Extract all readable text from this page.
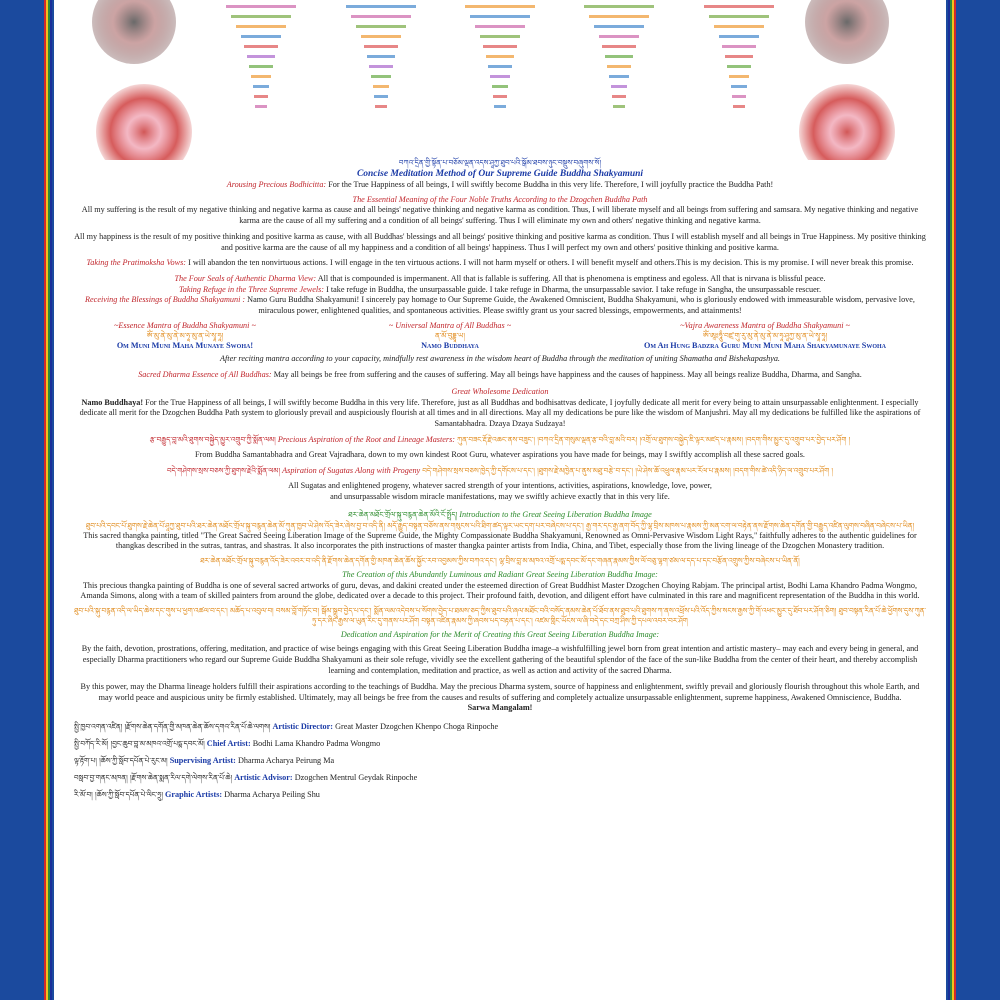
བཀའ་དྲིན་གྱི་སྟོན་པ་བཅོམ་ལྡན་འདས་ཤཱཀྱ་ཐུབ་པའི་སྒོམ་ཐབས་ཉུང་བསྡུས་བཞུགས་སོ།

Concise Meditation Method of Our Supreme Guide Buddha Shakyamuni

Arousing Precious Bodhicitta: For the True Happiness of all beings, I will swiftly become Buddha in this very life. Therefore, I will joyfully practice the Buddha Path!

The Essential Meaning of the Four Noble Truths According to the Dzogchen Buddha Path

All my suffering is the result of my negative thinking and negative karma as cause and all beings' negative thinking and negative karma as condition. Thus, I will liberate myself and all beings from suffering and samsara. My negative thinking and negative karma are the cause of all my suffering and a condition of all beings' suffering. Thus I will eliminate my own and others' negative thinking and negative karma.

All my happiness is the result of my positive thinking and positive karma as cause, with all Buddhas' blessings and all beings' positive thinking and positive karma as condition. Thus I will establish myself and all beings in True Happiness. My positive thinking and positive karma are the cause of all my happiness and a condition of all beings' happiness. Thus I will perfect my own and others' positive thinking and positive karma.

Taking the Pratimoksha Vows: I will abandon the ten nonvirtuous actions. I will engage in the ten virtuous actions. I will not harm myself or others. I will benefit myself and others.This is my decision. This is my promise. I will never break this promise.

The Four Seals of Authentic Dharma View: All that is compounded is impermanent. All that is fallable is suffering. All that is phenomena is emptiness and egoless. All that is nirvana is blissful peace.

Taking Refuge in the Three Supreme Jewels: I take refuge in Buddha, the unsurpassable guide. I take refuge in Dharma, the unsurpassable savior. I take refuge in Sangha, the unsurpassable rescuer.

Receiving the Blessings of Buddha Shakyamuni : Namo Guru Buddha Shakyamuni! I sincerely pay homage to Our Supreme Guide, the Awakened Omniscient, Buddha Shakyamuni, who is gloriously endowed with immeasurable wisdom, pervasive love, miraculous power, enlightened qualities, and spontaneous activities. Please swiftly grant us your sacred blessings, empowerments, and attainments!

~Essence Mantra of Buddha Shakyamuni ~
ཨོཾ་མུ་ནེ་མུ་ནེ་མ་ཧཱ་མུ་ན་ཡེ་སྭཱ་ཧཱ།
Om Muni Muni Maha Munaye Swoha!
~ Universal Mantra of All Buddhas ~
ན་མོ་བུདྡྷཱ་ཡ།
Namo Buddhaya
~Vajra Awareness Mantra of Buddha Shakyamuni ~
ཨོཾ་ཨཱཿཧཱུྃ་བཛྲ་གུ་རུ་མུ་ནེ་མུ་ནེ་མ་ཧཱ་ཤཱཀྱ་མུ་ན་ཡེ་སྭཱ་ཧཱ།
Om Ah Hung Badzra Guru Muni Muni Maha Shakyamunaye Swoha

After reciting mantra according to your capacity, mindfully rest awareness in the wisdom heart of Buddha through the meditation of uniting Shamatha and Bishekapashya.

Sacred Dharma Essence of All Buddhas: May all beings be free from suffering and the causes of suffering. May all beings have happiness and the causes of happiness. May all beings realize Buddha, Dharma, and Sangha.

Great Wholesome Dedication

Namo Buddhaya! For the True Happiness of all beings, I will swiftly become Buddha in this very life. Therefore, just as all Buddhas and bodhisattvas dedicate, I joyfully dedicate all merit for every being to attain unsurpassable enlightenment. I especially dedicate all merit for the Dzogchen Buddha Path system to gloriously prevail and auspiciously flourish at all times and in all directions. May all my dedications be pure like the wisdom of Manjushri. May all my dedications be fulfilled like the aspirations of Samantabhadra. Dzaya Dzaya Sudzaya!

རྩ་བརྒྱུད་བླ་མའི་ཐུགས་བསྐྱེད་མྱུར་འགྲུབ་ཀྱི་སྨོན་ལམ། Precious Aspiration of the Root and Lineage Masters: ཀུན་བཟང་རྡོ་རྗེ་འཆང་ནས་བཟུང་། །བཀའ་དྲིན་གསུམ་ལྡན་རྩ་བའི་བླ་མའི་བར། །འགྲོ་ལ་ཐུགས་བསྐྱེད་ཇི་ལྟར་མཛད་པ་རྣམས། །བདག་གིས་མྱུར་དུ་འགྲུབ་པར་བྱེད་པར་ཤོག །

From Buddha Samantabhadra and Great Vajradhara, down to my own kindest Root Guru, whatever aspirations you have made for beings, may I swiftly accomplish all these sacred goals.

བདེ་གཤེགས་སྲས་བཅས་ཀྱི་ཐུགས་རྗེའི་སྨོན་ལམ། Aspiration of Sugatas Along with Progeny བདེ་གཤེགས་སྲས་བཅས་ཁྱེད་ཀྱི་དགོངས་པ་དང་། །ཐུགས་རྗེ་མཁྱེན་པ་ནུས་མཐུ་བརྩེ་བ་དང་། །ཡེ་ཤེས་ཆོ་འཕྲུལ་རྣམ་པར་རོལ་པ་རྣམས། །བདག་གིས་ཚེ་འདི་ཉིད་ལ་འགྲུབ་པར་ཤོག །

All Sugatas and enlightened progeny, whatever sacred strength of your intentions, activities, aspirations, knowledge, love, power,

and unsurpassable wisdom miracle manifestations, may we swiftly achieve exactly that in this very life.

ཐར་ཆེན་མཐོང་གྲོལ་སྐུ་བརྙན་ཆེན་མོའི་ངོ་སྤྲོད། Introduction to the Great Seeing Liberation Buddha Image

ཐུབ་པའི་དབང་པོ་ཐུགས་རྗེ་ཆེན་པོ་ཤཱཀྱ་ཐུབ་པའི་ཐར་ཆེན་མཐོང་གྲོལ་སྐུ་བརྙན་ཆེན་མོ་ཀུན་ཁྱབ་ཡེ་ཤེས་འོད་ཟེར་ཞེས་བྱ་བ་འདི་ནི། མདོ་རྒྱུད་བསྟན་བཅོས་ནས་གསུངས་པའི་ཐིག་ཚད་ལྟར་ཡང་དག་པར་བཞེངས་པ་དང་། རྒྱ་གར་དང་རྒྱ་ནག་བོད་ཀྱི་ལྷ་བྲིས་མཁས་པ་རྣམས་ཀྱི་མན་ངག་ལ་བརྟེན་ནས་རྫོགས་ཆེན་དགོན་གྱི་བརྒྱུད་འཛིན་ལུགས་བཞིན་བཞེངས་པ་ཡིན།

This sacred thangka painting, titled "The Great Sacred Seeing Liberation Image of the Supreme Guide, the Mighty Compassionate Buddha Shakyamuni, Renowned as Omni-Pervasive Wisdom Light Rays," faithfully adheres to the authentic guidelines for thangkas described in the sutras, tantras, and shastras. It also incorporates the pith instructions of master thangka painter artists from India, China, and Tibet, especially those from the living lineage of the Dzogchen Monastery tradition.

ཐར་ཆེན་མཐོང་གྲོལ་སྐུ་བརྙན་འོད་ཟེར་འབར་བ་འདི་ནི་རྫོགས་ཆེན་དགོན་གྱི་མཁན་ཆེན་ཆོས་སྐྱོང་རབ་འབྱམས་ཀྱིས་བཀའ་དང་། ལྷ་བྲིས་བླ་མ་མཁའ་འགྲོ་པདྨ་དབང་མོ་དང་གཞན་རྣམས་ཀྱིས་ལོ་བཅུ་ལྷག་ཙམ་ལ་དད་པ་དང་བརྩོན་འགྲུས་ཀྱིས་བཞེངས་པ་ཡིན་ནོ།

The Creation of this Abundantly Luminous and Radiant Great Seeing Liberation Buddha Image:

This precious thangka painting of Buddha is one of several sacred artworks of guru, devas, and dakini created under the esteemed direction of Great Buddhist Master Dzogchen Choying Rabjam. The principal artist, Bodhi Lama Khandro Padma Wongmo, Amanda Simons, along with a team of skilled painters from around the globe, dedicated over a decade to this project. Their profound faith, devotion, and diligent effort have culminated in this rare and magnificent representation of the Buddha in this world.

ཐུབ་པའི་སྐུ་བརྙན་འདི་ལ་ཡིད་ཆེས་དང་གུས་པ་ཕྱག་འཚལ་བ་དང་། མཆོད་པ་འབུལ་བ། བསམ་བློ་གཏོང་བ། སྒོམ་སྒྲུབ་བྱེད་པ་དང་། སྨོན་ལམ་འདེབས་པ་སོགས་བྱེད་པ་ཐམས་ཅད་ཀྱིས་ཐུབ་པའི་ཞལ་མཐོང་བའི་བསོད་ནམས་ཆེན་པོ་ཐོབ་ནས་ཐུབ་པའི་ཐུགས་ཀ་ནས་འཕྲོས་པའི་འོད་ཀྱིས་སངས་རྒྱས་ཀྱི་གོ་འཕང་མྱུར་དུ་ཐོབ་པར་ཤོག་ཅིག། ཐུབ་བསྟན་རིན་པོ་ཆེ་ཕྱོགས་དུས་ཀུན་ཏུ་དར་ཞིང་རྒྱས་ལ་ཡུན་རིང་དུ་གནས་པར་ཤོག བསྟན་འཛིན་རྣམས་ཀྱི་ཞབས་པད་བརྟན་པ་དང་། འཛམ་གླིང་ཡོངས་ལ་ཞི་བདེ་དང་བཀྲ་ཤིས་ཀྱི་དཔལ་འབར་བར་ཤོག

Dedication and Aspiration for the Merit of Creating this Great Seeing Liberation Buddha Image:

By the faith, devotion, prostrations, offering, meditation, and practice of wise beings engaging with this Great Seeing Liberation Buddha image–a wishfulfilling jewel born from great intention and artistic mastery– may each and every being in general, and especially Dharma practitioners who regard our Supreme Guide Buddha Shakyamuni as their sole refuge, vividly see the excellent gathering of the beautiful splendor of the face of the sun-like Buddha from the center of their heart, and thereby accomplish learning and contemplation, meditation and practice, as well as action and activity of the sacred Dharma.

By this power, may the Dharma lineage holders fulfill their aspirations according to the teachings of Buddha. May the precious Dharma system, source of happiness and enlightenment, swiftly prevail and gloriously flourish throughout this whole Earth, and may world peace and auspicious unity be firmly established. Ultimately, may all beings be free from the causes and results of suffering and completely actualize unsurpassable enlightenment, supreme happiness, Awakened Omniscience, Buddha.

Sarwa Mangalam!

སྤྱི་ཁྱབ་འགན་འཛིན། །རྫོགས་ཆེན་དགོན་གྱི་མཁན་ཆེན་ཆོས་དགའ་རིན་པོ་ཆེ་ལགས། Artistic Director: Great Master Dzogchen Khenpo Choga Rinpoche
སྤྱི་བཀོད་རི་མོ། །བྱང་ཆུབ་བླ་མ་མཁའ་འགྲོ་པདྨ་དབང་མོ། Chief Artist: Bodhi Lama Khandro Padma Wongmo
ལྟ་རྟོག་པ། །ཆོས་ཀྱི་སློབ་དཔོན་པེ་རུང་མ། Supervising Artist: Dharma Acharya Peirung Ma
བསླབ་བྱ་གནང་མཁན། །རྫོགས་ཆེན་སྨན་རིལ་དགེ་ལེགས་རིན་པོ་ཆེ། Artistic Advisor: Dzogchen Mentrul Geydak Rinpoche
རི་མོ་བ། །ཆོས་ཀྱི་སློབ་དཔོན་པེ་ལིང་ཧྲུ། Graphic Artists: Dharma Acharya Peiling Shu
